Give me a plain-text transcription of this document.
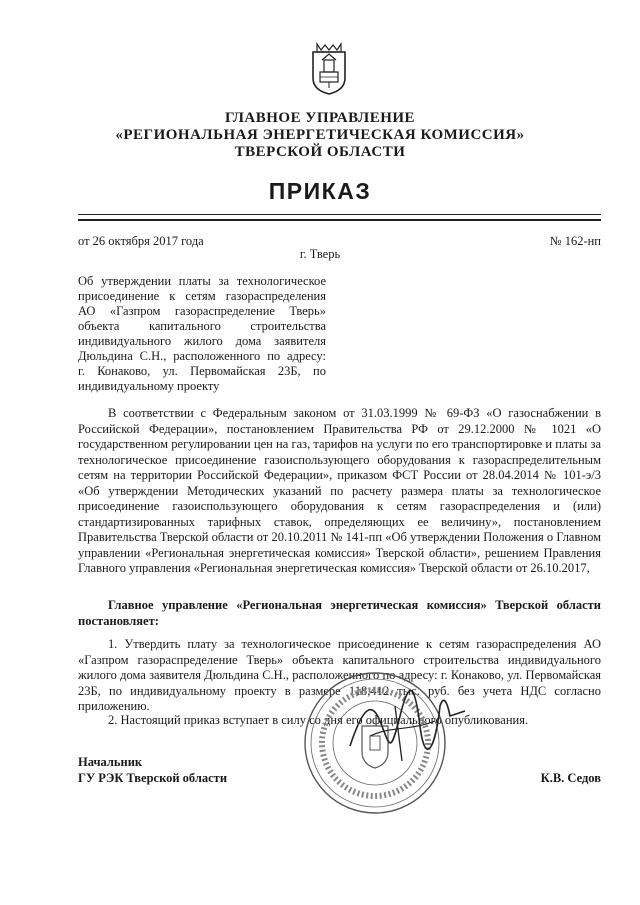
ГЛАВНОЕ УПРАВЛЕНИЕ
«РЕГИОНАЛЬНАЯ ЭНЕРГЕТИЧЕСКАЯ КОМИССИЯ»
ТВЕРСКОЙ ОБЛАСТИ
ПРИКАЗ
от 26 октября 2017 года	№ 162-нп
г. Тверь
Об утверждении платы за технологическое
присоединение к сетям газораспределения
АО «Газпром газораспределение Тверь»
объекта капитального строительства
индивидуального жилого дома заявителя
Дюльдина С.Н., расположенного по адресу:
г. Конаково, ул. Первомайская 23Б, по
индивидуальному проекту
В соответствии с Федеральным законом от 31.03.1999 № 69-ФЗ «О газоснабжении в Российской Федерации», постановлением Правительства РФ от 29.12.2000 № 1021 «О государственном регулировании цен на газ, тарифов на услуги по его транспортировке и платы за технологическое присоединение газоиспользующего оборудования к газораспределительным сетям на территории Российской Федерации», приказом ФСТ России от 28.04.2014 № 101-э/3 «Об утверждении Методических указаний по расчету размера платы за технологическое присоединение газоиспользующего оборудования к сетям газораспределения и (или) стандартизированных тарифных ставок, определяющих ее величину», постановлением Правительства Тверской области от 20.10.2011 № 141-пп «Об утверждении Положения о Главном управлении «Региональная энергетическая комиссия» Тверской области», решением Правления Главного управления «Региональная энергетическая комиссия» Тверской области от 26.10.2017,
Главное управление «Региональная энергетическая комиссия» Тверской области постановляет:
1. Утвердить плату за технологическое присоединение к сетям газораспределения АО «Газпром газораспределение Тверь» объекта капитального строительства индивидуального жилого дома заявителя Дюльдина С.Н., расположенного по адресу: г. Конаково, ул. Первомайская 23Б, по индивидуальному проекту в размере 118,412 тыс. руб. без учета НДС согласно приложению.
2. Настоящий приказ вступает в силу со дня его официального опубликования.
Начальник
ГУ РЭК Тверской области	К.В. Седов
